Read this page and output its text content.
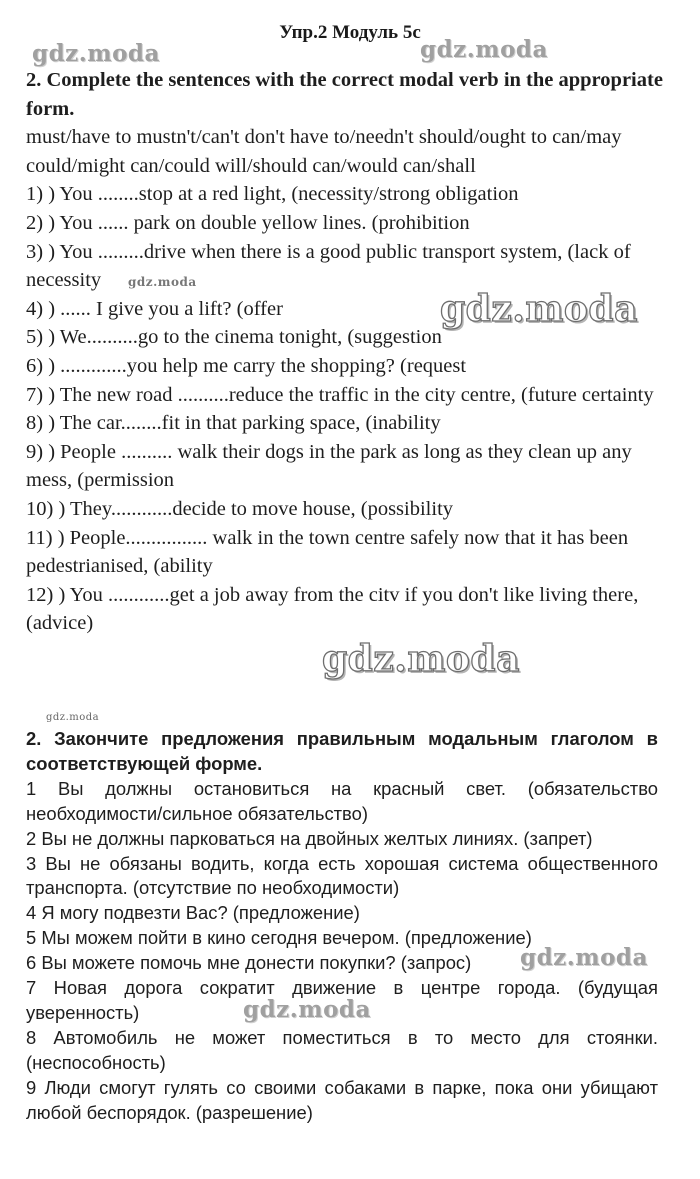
Упр.2 Модуль 5с

2. Complete the sentences with the correct modal verb in the appropriate form.

must/have to mustn't/can't don't have to/needn't should/ought to can/may could/might can/could will/should can/would can/shall

1) ) You ........stop at a red light, (necessity/strong obligation

2) ) You ...... park on double yellow lines. (prohibition

3) ) You .........drive when there is a good public transport system, (lack of necessity

4) ) ...... I give you a lift? (offer

5) ) We..........go to the cinema tonight, (suggestion

6) ) .............you help me carry the shopping? (request

7) ) The new road ..........reduce the traffic in the city centre, (future certainty

8) ) The car........fit in that parking space, (inability

9) ) People .......... walk their dogs in the park as long as they clean up any mess, (permission

10) ) They............decide to move house, (possibility

11) ) People................ walk in the town centre safely now that it has been pedestrianised, (ability

12) ) You ............get a job away from the citv if you don't like living there, (advice)

2. Закончите предложения правильным модальным глаголом в соответствующей форме.

1 Вы должны остановиться на красный свет. (обязательство необходимости/сильное обязательство)

2 Вы не должны парковаться на двойных желтых линиях. (запрет)

3 Вы не обязаны водить, когда есть хорошая система общественного транспорта. (отсутствие по необходимости)

4 Я могу подвезти Вас? (предложение)

5 Мы можем пойти в кино сегодня вечером. (предложение)

6 Вы можете помочь мне донести покупки? (запрос)

7 Новая дорога сократит движение в центре города. (будущая уверенность)

8 Автомобиль не может поместиться в то место для стоянки. (неспособность)

9 Люди смогут гулять со своими собаками в парке, пока они убищают любой беспорядок. (разрешение)

gdz.moda	gdz.moda
gdz.moda
gdz.moda
gdz.moda
gdz.moda
gdz.moda
gdz.moda
